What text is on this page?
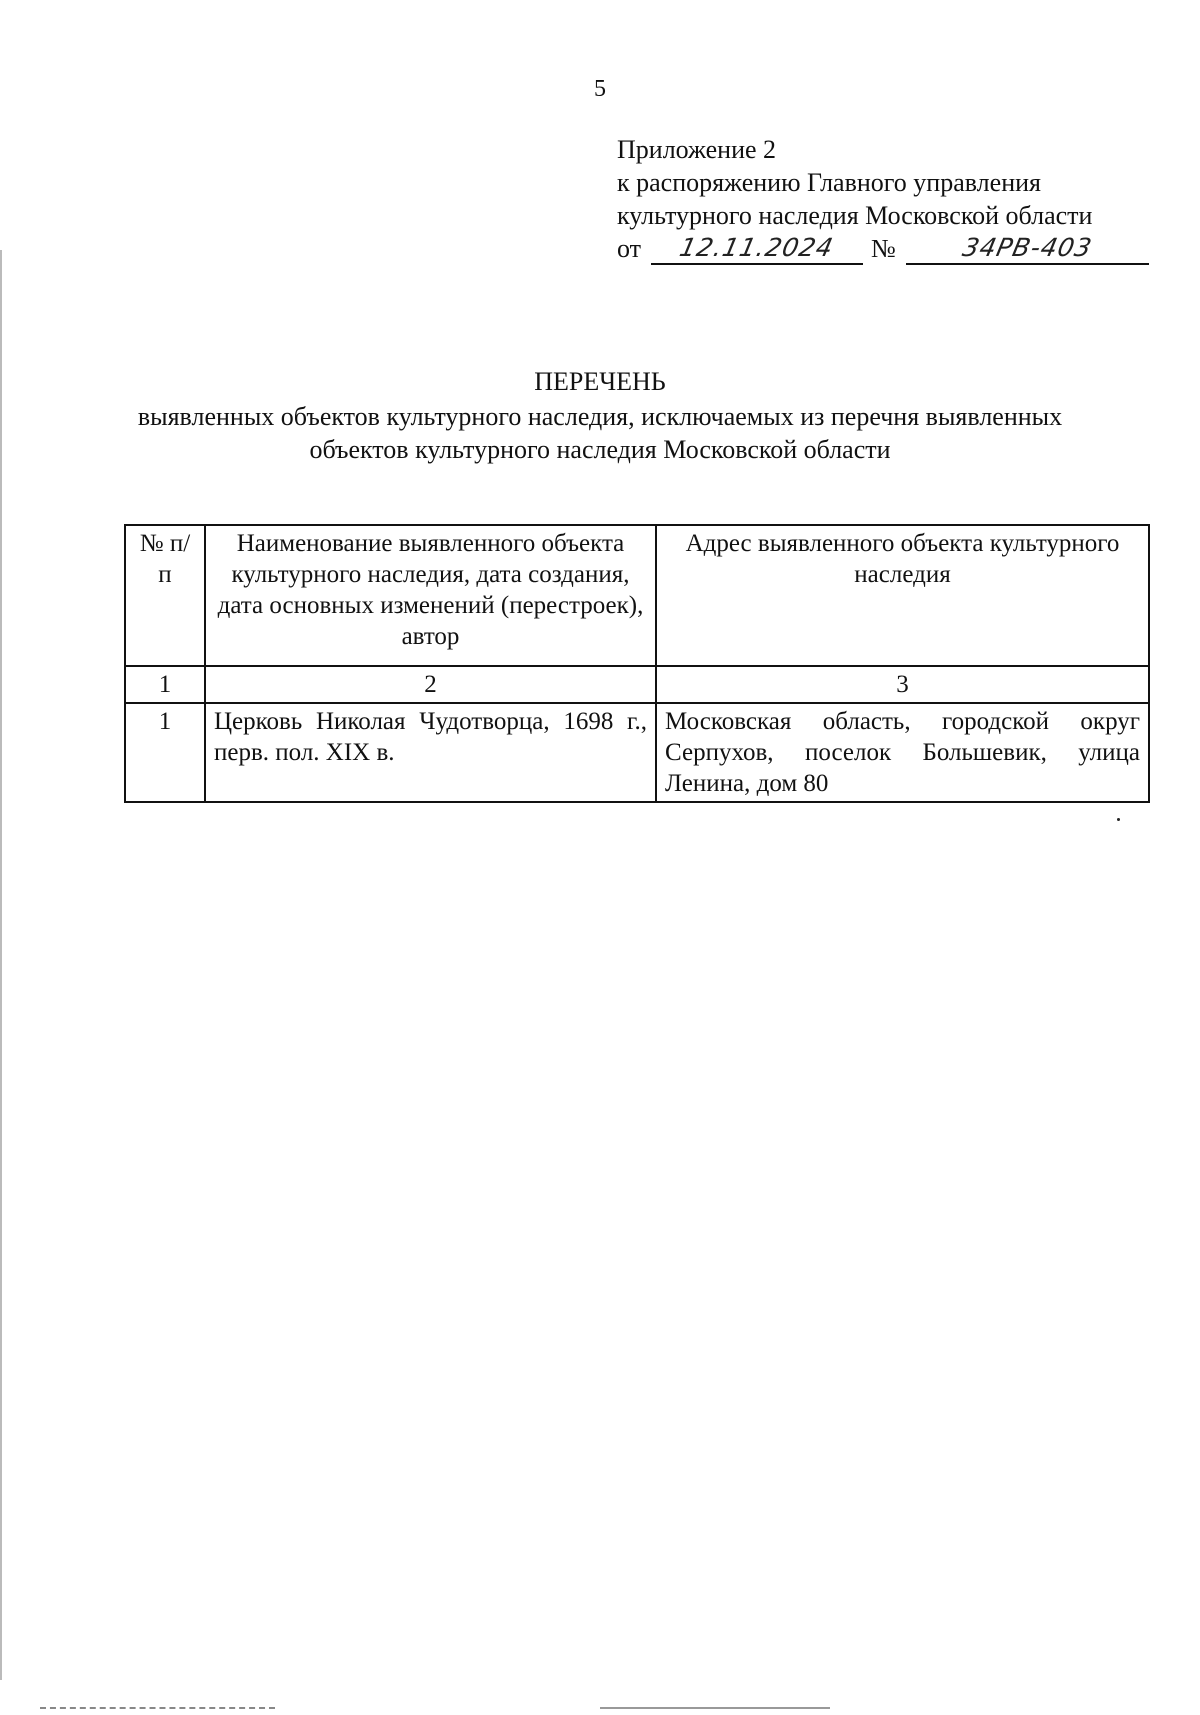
5
Приложение 2
к распоряжению Главного управления
культурного наследия Московской области
от	12.11.2024	№	34РВ-403
ПЕРЕЧЕНЬ
выявленных объектов культурного наследия, исключаемых из перечня выявленных
объектов культурного наследия Московской области
№ п/п	Наименование выявленного объекта культурного наследия, дата создания, дата основных изменений (перестроек), автор	Адрес выявленного объекта культурного наследия
1	2	3
1	Церковь Николая Чудотворца, 1698 г., перв. пол. XIX в.	Московская область, городской округ Серпухов, поселок Большевик, улица Ленина, дом 80
